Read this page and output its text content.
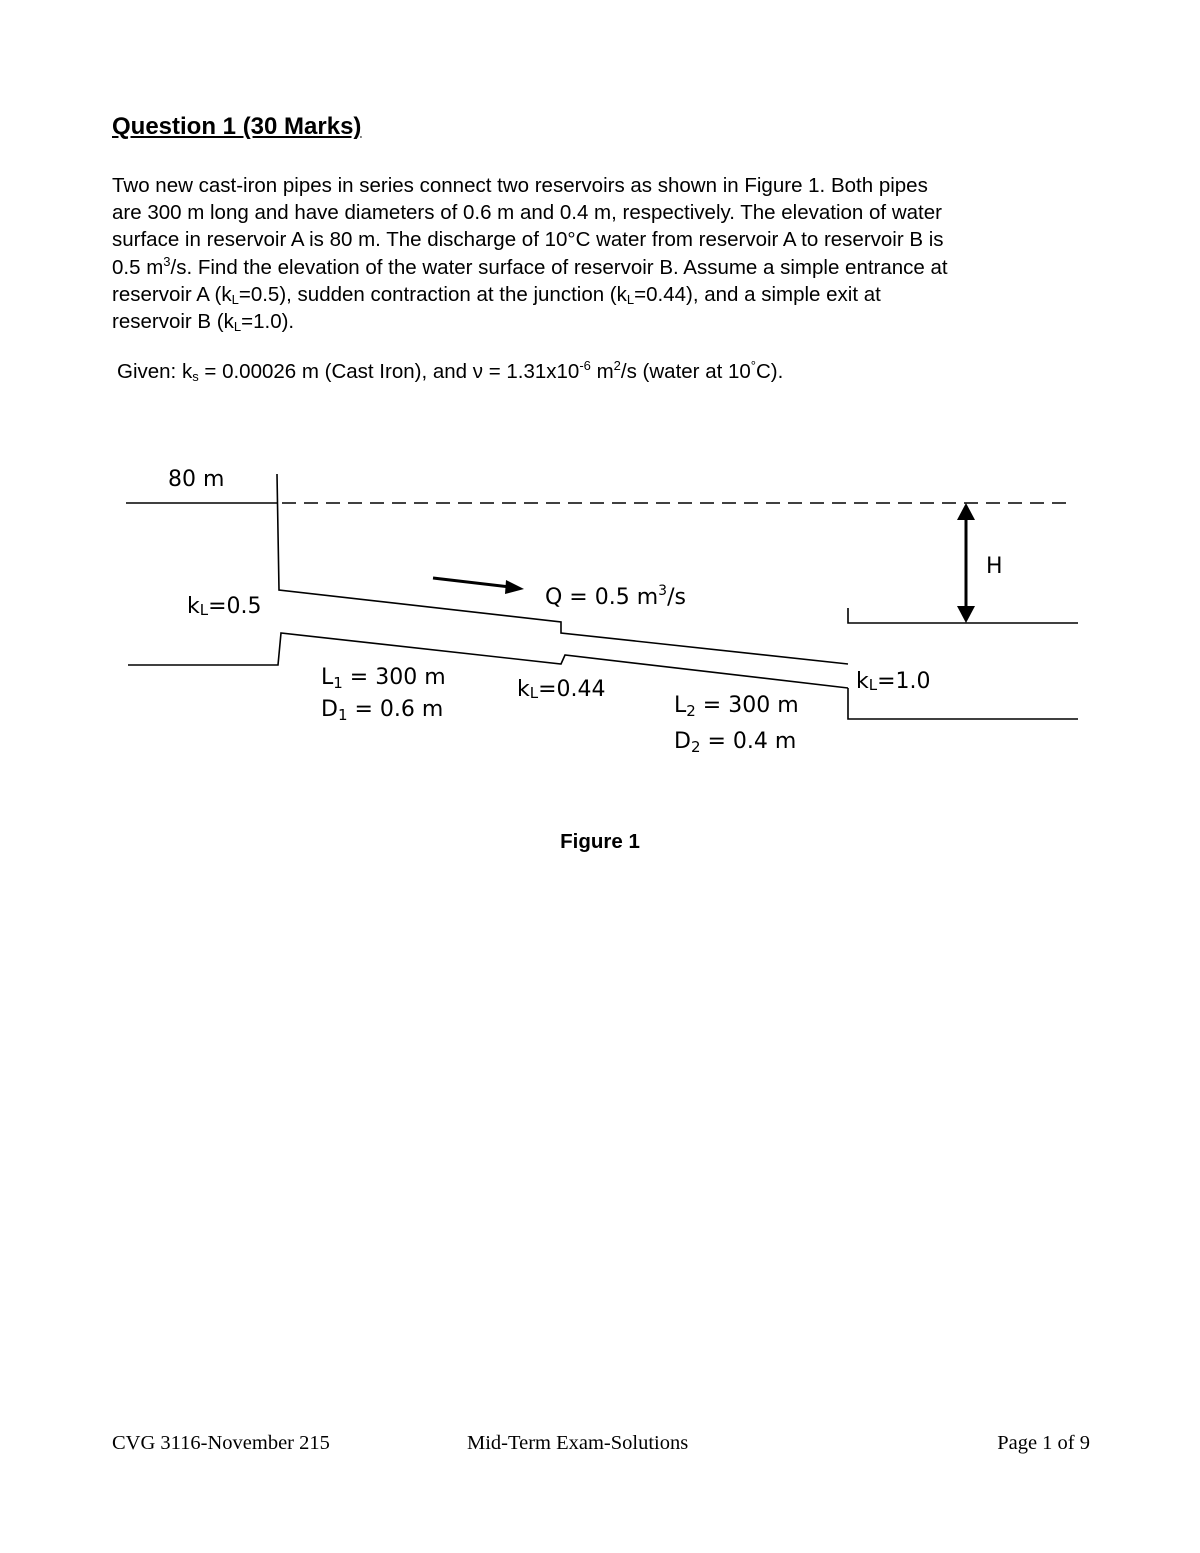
Question 1 (30 Marks)

Two new cast-iron pipes in series connect two reservoirs as shown in Figure 1. Both pipes
are 300 m long and have diameters of 0.6 m and 0.4 m, respectively. The elevation of water
surface in reservoir A is 80 m. The discharge of 10°C water from reservoir A to reservoir B is
0.5 $m^3/s$. Find the elevation of the water surface of reservoir B. Assume a simple entrance at
reservoir A $(k_L=0.5)$, sudden contraction at the junction $(k_L=0.44)$, and a simple exit at
reservoir B $(k_L=1.0)$.

Given: $k_s = 0.00026$ m (Cast Iron), and $\nu = 1.31x10^{-6}$ $m^2/s$ (water at 10°C).
80 m
H
Q = 0.5 $m^3/s$
kL=0.5
kL=0.44	kL=1.0
L1 = 300 m
D1 = 0.6 m	L2 = 300 m
D2 = 0.4 m
Figure 1
CVG 3116-November 215	Mid-Term Exam-Solutions	Page 1 of 9
